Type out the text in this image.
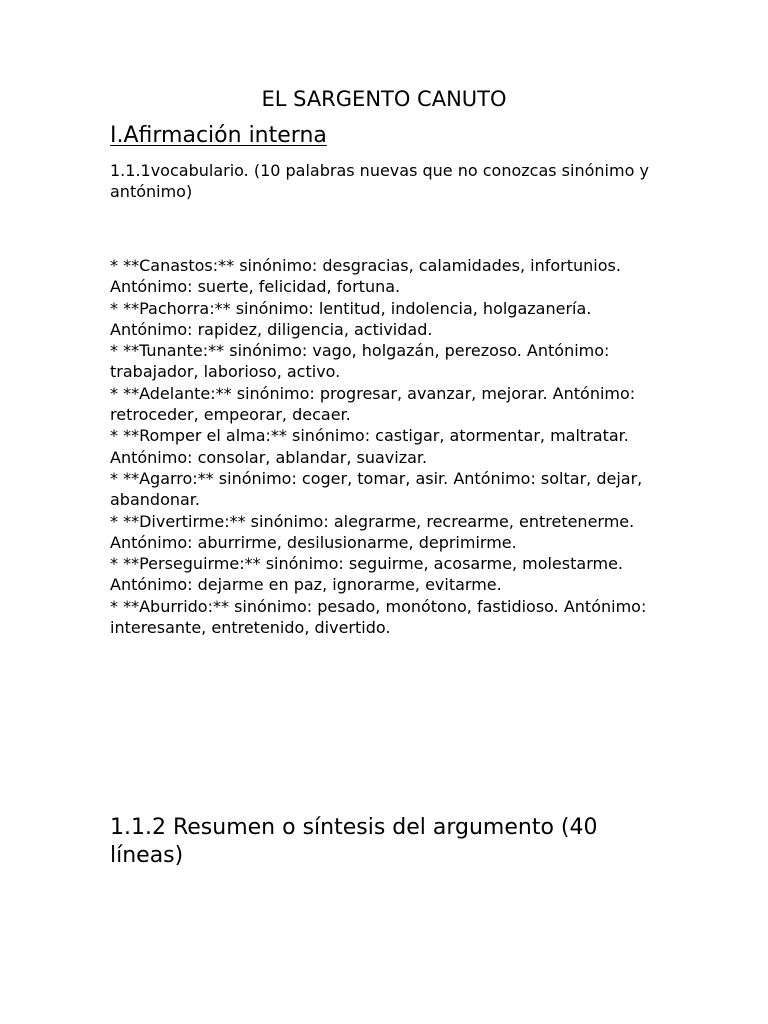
EL SARGENTO CANUTO
I.Afirmación interna

1.1.1vocabulario. (10 palabras nuevas que no conozcas sinónimo y antónimo)

* **Canastos:** sinónimo: desgracias, calamidades, infortunios. Antónimo: suerte, felicidad, fortuna.
* **Pachorra:** sinónimo: lentitud, indolencia, holgazanería. Antónimo: rapidez, diligencia, actividad.
* **Tunante:** sinónimo: vago, holgazán, perezoso. Antónimo: trabajador, laborioso, activo.
* **Adelante:** sinónimo: progresar, avanzar, mejorar. Antónimo: retroceder, empeorar, decaer.
* **Romper el alma:** sinónimo: castigar, atormentar, maltratar. Antónimo: consolar, ablandar, suavizar.
* **Agarro:** sinónimo: coger, tomar, asir. Antónimo: soltar, dejar, abandonar.
* **Divertirme:** sinónimo: alegrarme, recrearme, entretenerme. Antónimo: aburrirme, desilusionarme, deprimirme.
* **Perseguirme:** sinónimo: seguirme, acosarme, molestarme. Antónimo: dejarme en paz, ignorarme, evitarme.
* **Aburrido:** sinónimo: pesado, monótono, fastidioso. Antónimo: interesante, entretenido, divertido.
1.1.2 Resumen o síntesis del argumento (40 líneas)
